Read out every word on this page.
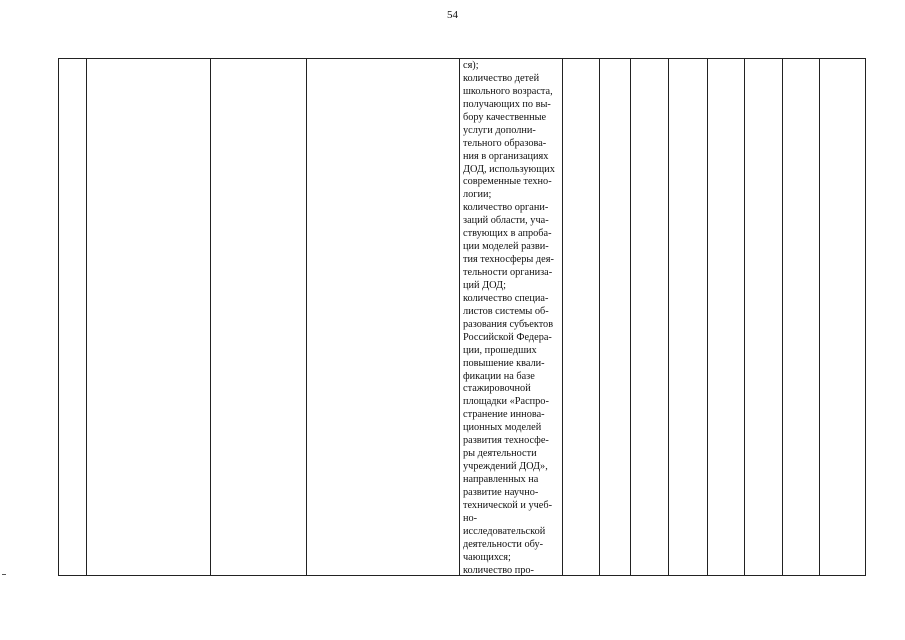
54
ся);
количество детей
школьного возраста,
получающих по вы-
бору качественные
услуги дополни-
тельного образова-
ния в организациях
ДОД, использующих
современные техно-
логии;
количество органи-
заций области, уча-
ствующих в апроба-
ции моделей разви-
тия техносферы дея-
тельности организа-
ций ДОД;
количество специа-
листов системы об-
разования субъектов
Российской Федера-
ции, прошедших
повышение квали-
фикации на базе
стажировочной
площадки «Распро-
странение иннова-
ционных моделей
развития техносфе-
ры деятельности
учреждений ДОД»,
направленных на
развитие научно-
технической и учеб-
но-
исследовательской
деятельности обу-
чающихся;
количество про-
